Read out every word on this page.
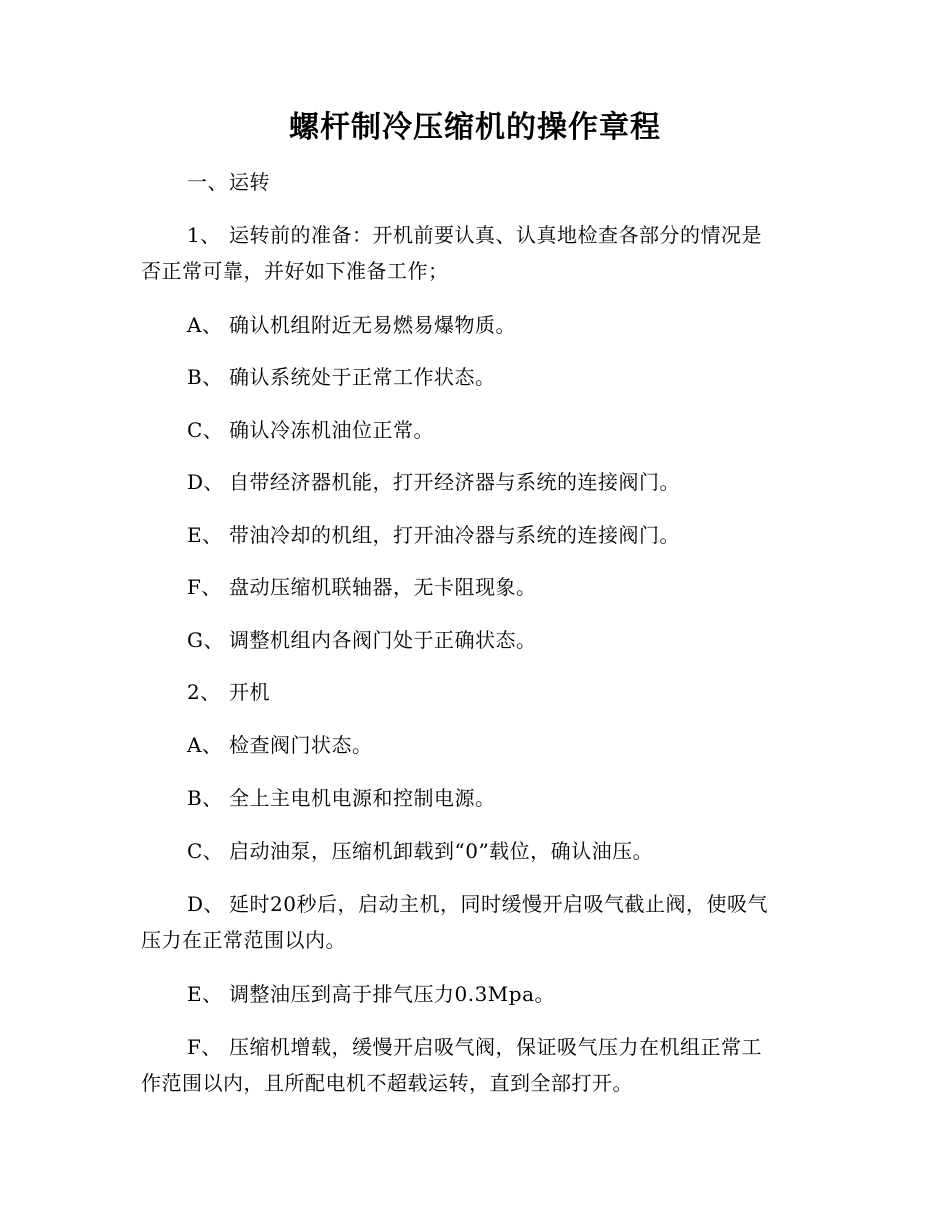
螺杆制冷压缩机的操作章程
一、运转
1、 运转前的准备：开机前要认真、认真地检查各部分的情况是
否正常可靠，并好如下准备工作；
A、 确认机组附近无易燃易爆物质。
B、 确认系统处于正常工作状态。
C、 确认冷冻机油位正常。
D、 自带经济器机能，打开经济器与系统的连接阀门。
E、 带油冷却的机组，打开油冷器与系统的连接阀门。
F、 盘动压缩机联轴器，无卡阻现象。
G、 调整机组内各阀门处于正确状态。
2、 开机
A、 检查阀门状态。
B、 全上主电机电源和控制电源。
C、 启动油泵，压缩机卸载到“0”载位，确认油压。
D、 延时20秒后，启动主机，同时缓慢开启吸气截止阀，使吸气
压力在正常范围以内。
E、 调整油压到高于排气压力0.3Mpa。
F、 压缩机增载，缓慢开启吸气阀，保证吸气压力在机组正常工
作范围以内，且所配电机不超载运转，直到全部打开。
